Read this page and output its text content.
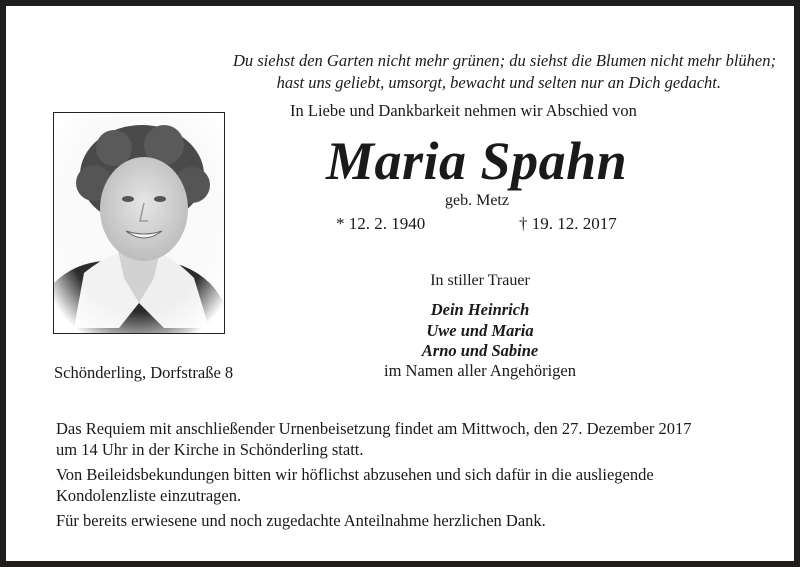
Du siehst den Garten nicht mehr grünen; du siehst die Blumen nicht mehr blühen;
hast uns geliebt, umsorgt, bewacht und selten nur an Dich gedacht.
In Liebe und Dankbarkeit nehmen wir Abschied von
Maria Spahn
geb. Metz
* 12. 2. 1940	† 19. 12. 2017
Schönderling, Dorfstraße 8
In stiller Trauer
Dein Heinrich
Uwe und Maria
Arno und Sabine
im Namen aller Angehörigen
Das Requiem mit anschließender Urnenbeisetzung findet am Mittwoch, den 27. Dezember 2017
um 14 Uhr in der Kirche in Schönderling statt.
Von Beileidsbekundungen bitten wir höflichst abzusehen und sich dafür in die ausliegende
Kondolenzliste einzutragen.
Für bereits erwiesene und noch zugedachte Anteilnahme herzlichen Dank.
